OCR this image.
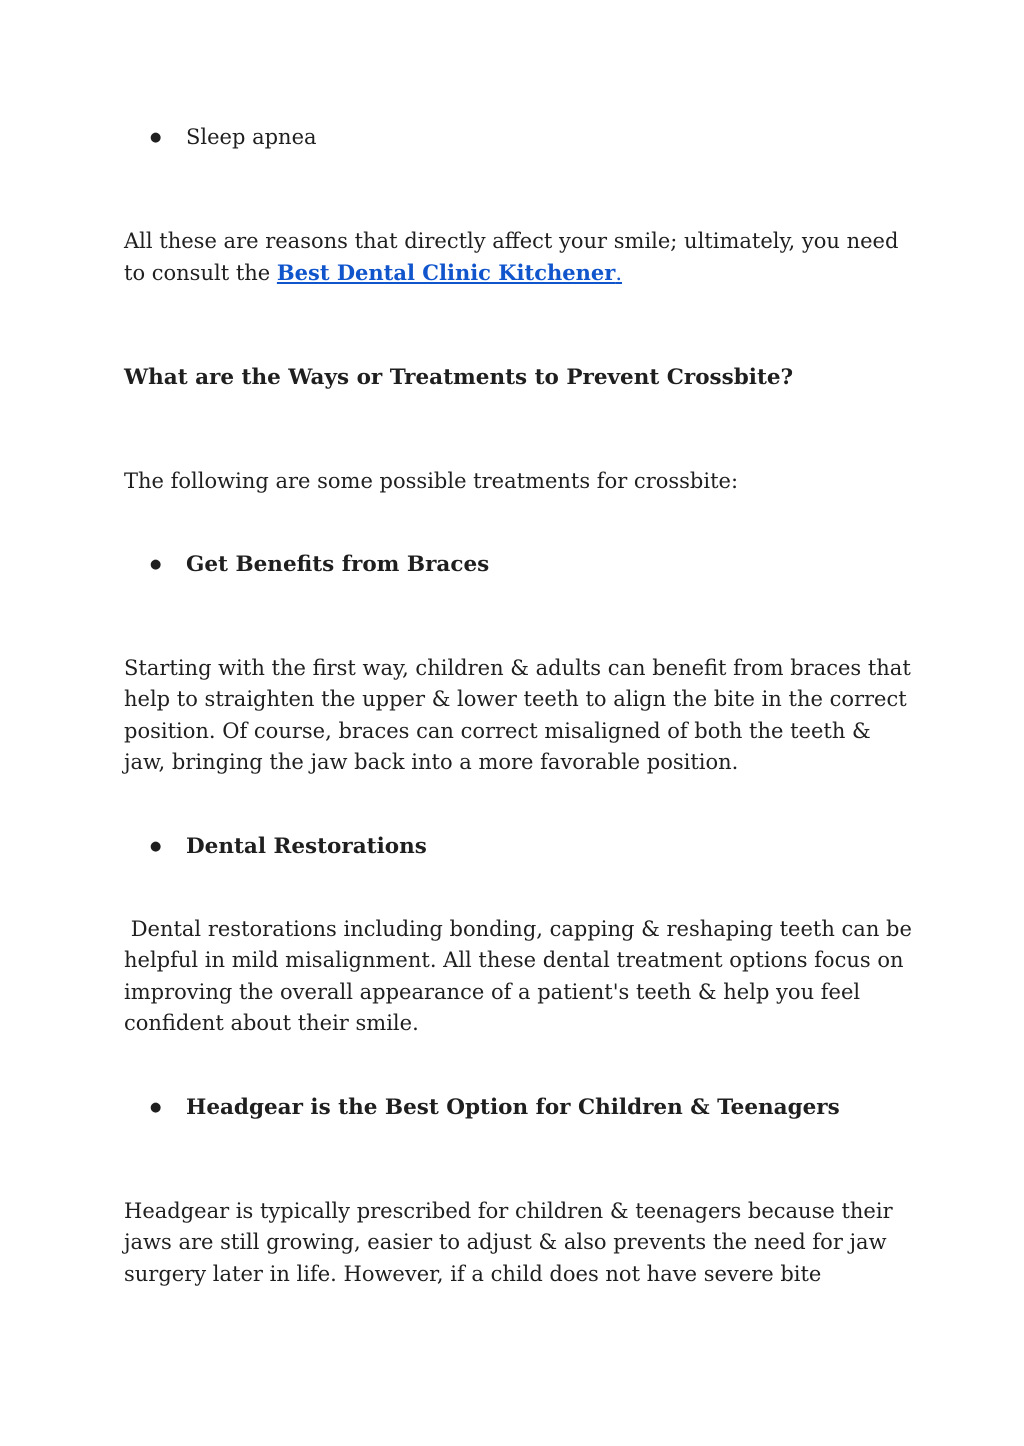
●	Sleep apnea

All these are reasons that directly affect your smile; ultimately, you need to consult the Best Dental Clinic Kitchener.

What are the Ways or Treatments to Prevent Crossbite?

The following are some possible treatments for crossbite:

●	Get Benefits from Braces

Starting with the first way, children & adults can benefit from braces that help to straighten the upper & lower teeth to align the bite in the correct position. Of course, braces can correct misaligned of both the teeth & jaw, bringing the jaw back into a more favorable position.

●	Dental Restorations

Dental restorations including bonding, capping & reshaping teeth can be helpful in mild misalignment. All these dental treatment options focus on improving the overall appearance of a patient's teeth & help you feel confident about their smile.

●	Headgear is the Best Option for Children & Teenagers

Headgear is typically prescribed for children & teenagers because their jaws are still growing, easier to adjust & also prevents the need for jaw surgery later in life. However, if a child does not have severe bite
